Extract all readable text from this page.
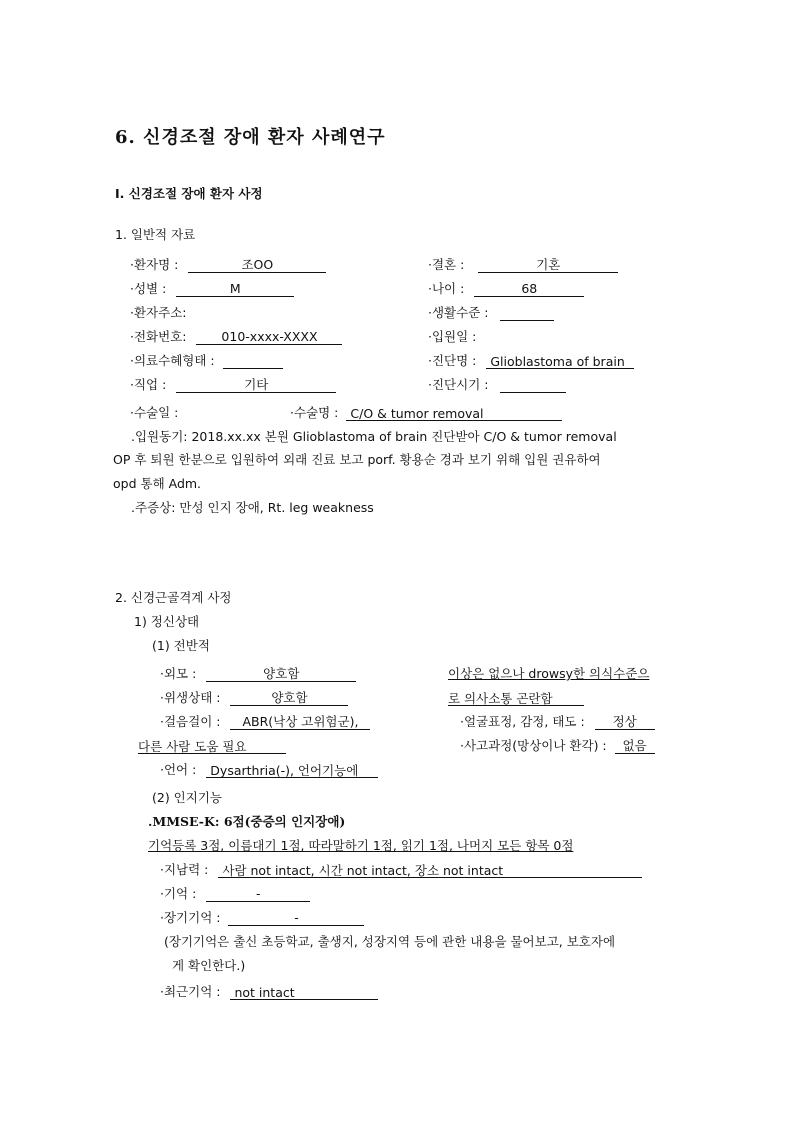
6. 신경조절 장애 환자 사례연구
Ⅰ. 신경조절 장애 환자 사정
1. 일반적 자료
·환자명 :	조OO	·결혼 :	기혼
·성별 :	M	·나이 :	68
·환자주소:	·생활수준 :
·전화번호:	010-xxxx-XXXX	·입원일 :
·의료수혜형태 :	·진단명 : Glioblastoma of brain
·직업 :	기타	·진단시기 :
·수술일 :	·수술명 : C/O & tumor removal
.입원동기: 2018.xx.xx 본원 Glioblastoma of brain 진단받아 C/O & tumor removal
OP 후 퇴원 한분으로 입원하여 외래 진료 보고 porf. 황용순 경과 보기 위해 입원 권유하여
opd 통해 Adm.
.주증상: 만성 인지 장애, Rt. leg weakness
2. 신경근골격계 사정
1) 정신상태
(1) 전반적
·외모 :	양호함	이상은 없으나 drowsy한 의식수준으
·위생상태 :	양호함	로 의사소통 곤란함
·걸음걸이 : ABR(낙상 고위험군),	·얼굴표정, 감정, 태도 : 정상
다른 사람 도움 필요	·사고과정(망상이나 환각) : 없음
·언어 : Dysarthria(-), 언어기능에
(2) 인지기능
.MMSE-K: 6점(중증의 인지장애)
기억등록 3점, 이름대기 1점, 따라말하기 1점, 읽기 1점, 나머지 모든 항목 0점
·지남력 : 사람 not intact, 시간 not intact, 장소 not intact
·기억 :	-
·장기기억 :	-
(장기기억은 출신 초등학교, 출생지, 성장지역 등에 관한 내용을 물어보고, 보호자에
게 확인한다.)
·최근기억 : not intact
